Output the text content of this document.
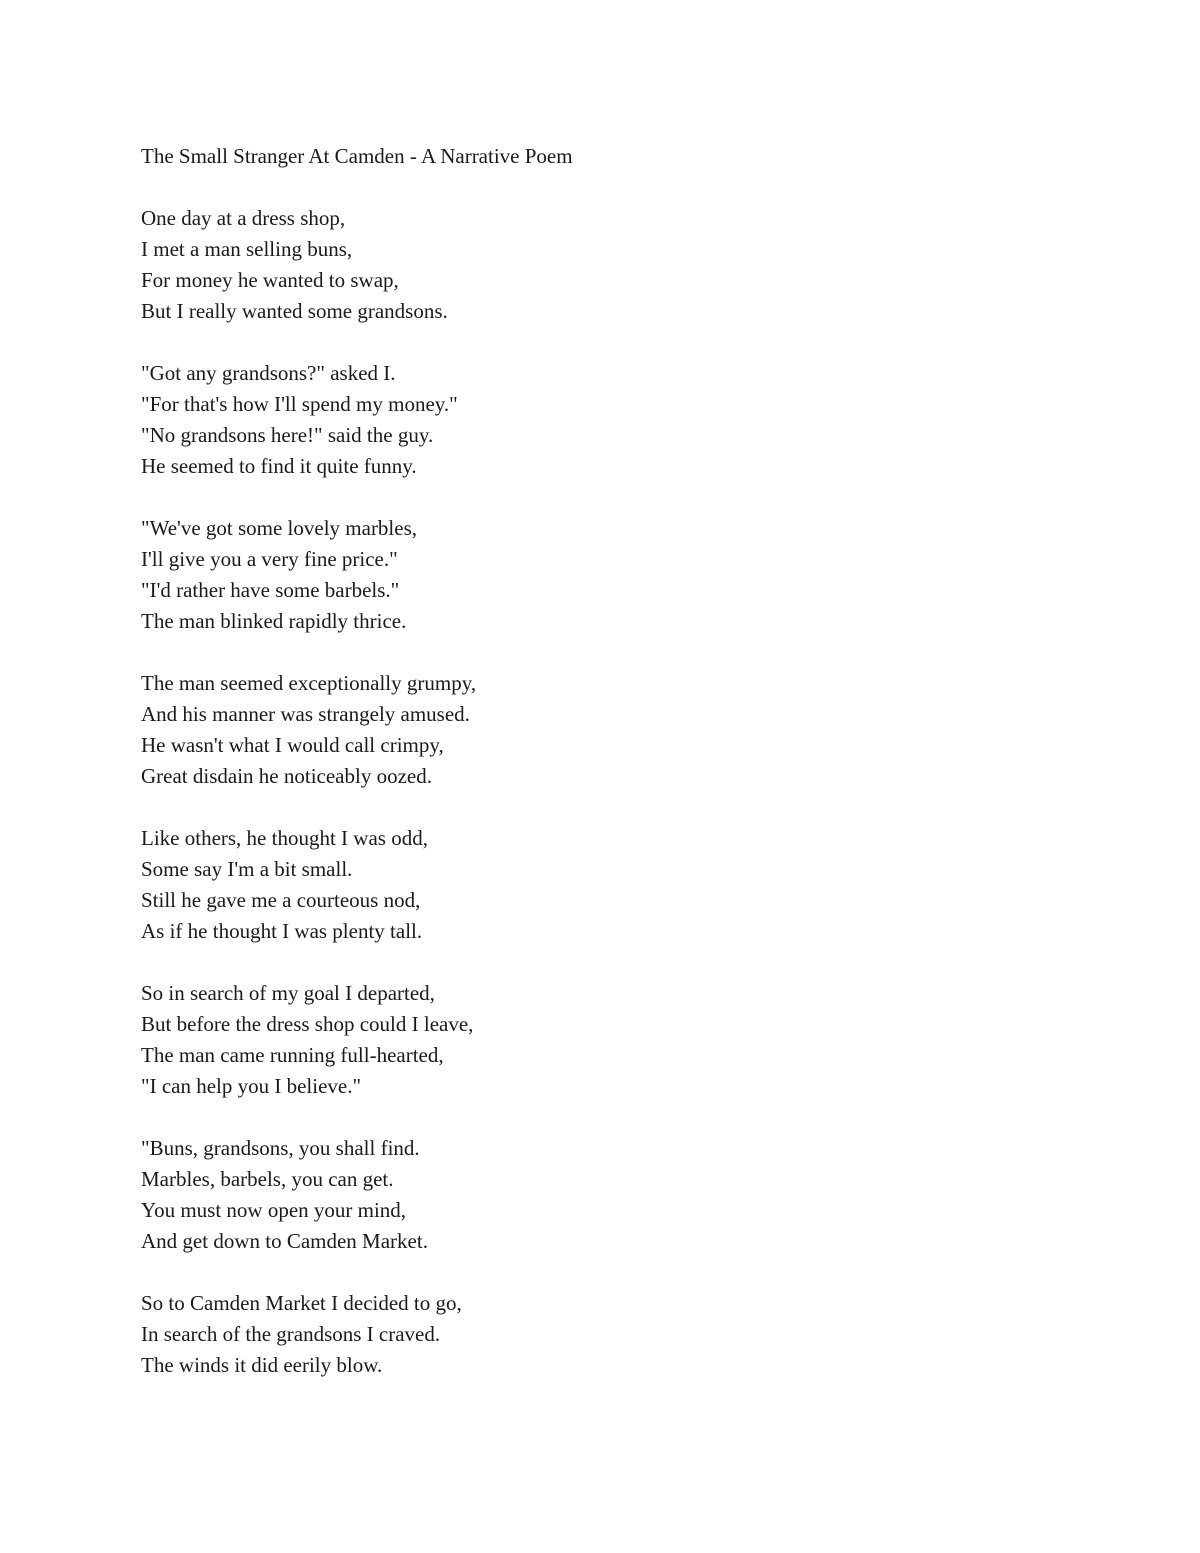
The Small Stranger At Camden - A Narrative Poem
One day at a dress shop,
I met a man selling buns,
For money he wanted to swap,
But I really wanted some grandsons.
"Got any grandsons?" asked I.
"For that's how I'll spend my money."
"No grandsons here!" said the guy.
He seemed to find it quite funny.
"We've got some lovely marbles,
I'll give you a very fine price."
"I'd rather have some barbels."
The man blinked rapidly thrice.
The man seemed exceptionally grumpy,
And his manner was strangely amused.
He wasn't what I would call crimpy,
Great disdain he noticeably oozed.
Like others, he thought I was odd,
Some say I'm a bit small.
Still he gave me a courteous nod,
As if he thought I was plenty tall.
So in search of my goal I departed,
But before the dress shop could I leave,
The man came running full-hearted,
"I can help you I believe."
"Buns, grandsons, you shall find.
Marbles, barbels, you can get.
You must now open your mind,
And get down to Camden Market.
So to Camden Market I decided to go,
In search of the grandsons I craved.
The winds it did eerily blow.
